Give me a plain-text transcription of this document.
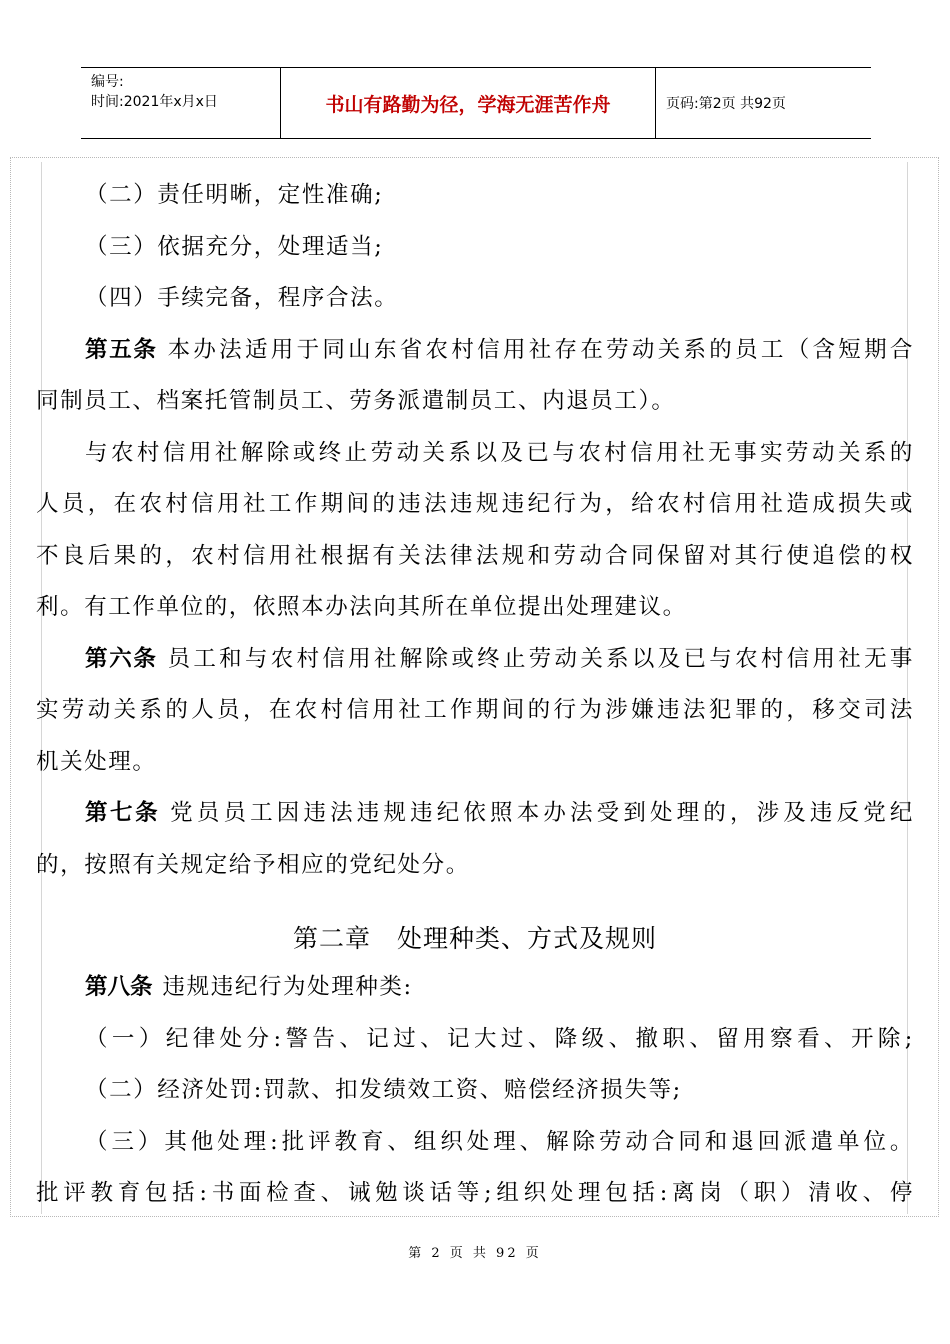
编号:
时间:2021年x月x日	书山有路勤为径，学海无涯苦作舟	页码:第2页 共92页
（二）责任明晰，定性准确;
（三）依据充分，处理适当;
（四）手续完备，程序合法。
第五条 本办法适用于同山东省农村信用社存在劳动关系的员工（含短期合
同制员工、档案托管制员工、劳务派遣制员工、内退员工）。
与农村信用社解除或终止劳动关系以及已与农村信用社无事实劳动关系的
人员，在农村信用社工作期间的违法违规违纪行为，给农村信用社造成损失或
不良后果的，农村信用社根据有关法律法规和劳动合同保留对其行使追偿的权
利。有工作单位的，依照本办法向其所在单位提出处理建议。
第六条 员工和与农村信用社解除或终止劳动关系以及已与农村信用社无事
实劳动关系的人员，在农村信用社工作期间的行为涉嫌违法犯罪的，移交司法
机关处理。
第七条 党员员工因违法违规违纪依照本办法受到处理的，涉及违反党纪
的，按照有关规定给予相应的党纪处分。
第二章　处理种类、方式及规则
第八条 违规违纪行为处理种类:
（一）纪律处分:警告、记过、记大过、降级、撤职、留用察看、开除;
（二）经济处罚:罚款、扣发绩效工资、赔偿经济损失等;
（三）其他处理:批评教育、组织处理、解除劳动合同和退回派遣单位。
批评教育包括:书面检查、诫勉谈话等;组织处理包括:离岗（职）清收、停
第 2 页 共 92 页
